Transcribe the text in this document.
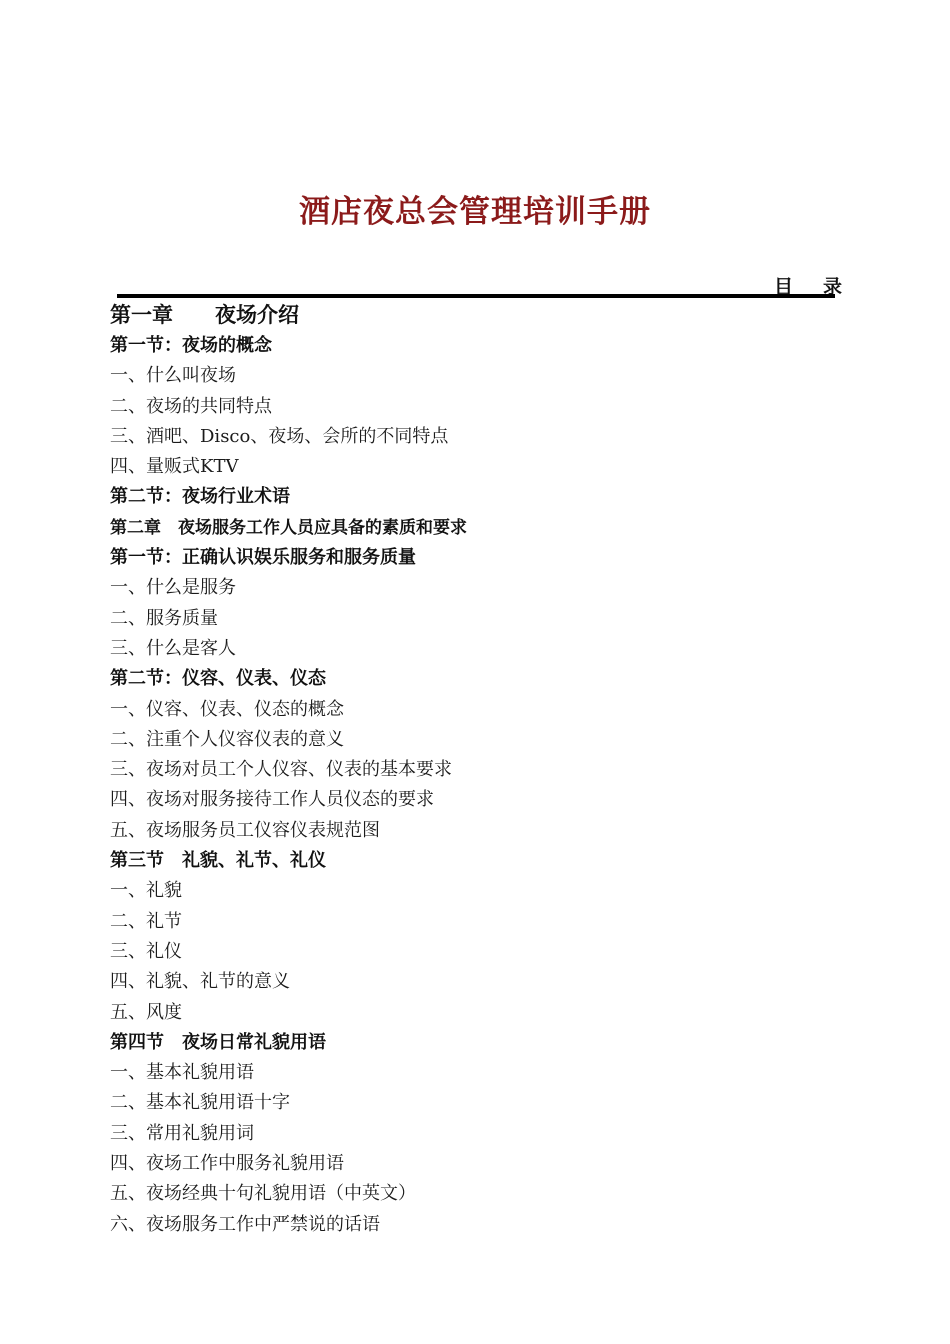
酒店夜总会管理培训手册
目录
第一章　　夜场介绍
第一节：夜场的概念
一、什么叫夜场
二、夜场的共同特点
三、酒吧、Disco、夜场、会所的不同特点
四、量贩式KTV
第二节：夜场行业术语
第二章　夜场服务工作人员应具备的素质和要求
第一节：正确认识娱乐服务和服务质量
一、什么是服务
二、服务质量
三、什么是客人
第二节：仪容、仪表、仪态
一、仪容、仪表、仪态的概念
二、注重个人仪容仪表的意义
三、夜场对员工个人仪容、仪表的基本要求
四、夜场对服务接待工作人员仪态的要求
五、夜场服务员工仪容仪表规范图
第三节　礼貌、礼节、礼仪
一、礼貌
二、礼节
三、礼仪
四、礼貌、礼节的意义
五、风度
第四节　夜场日常礼貌用语
一、基本礼貌用语
二、基本礼貌用语十字
三、常用礼貌用词
四、夜场工作中服务礼貌用语
五、夜场经典十句礼貌用语（中英文）
六、夜场服务工作中严禁说的话语
